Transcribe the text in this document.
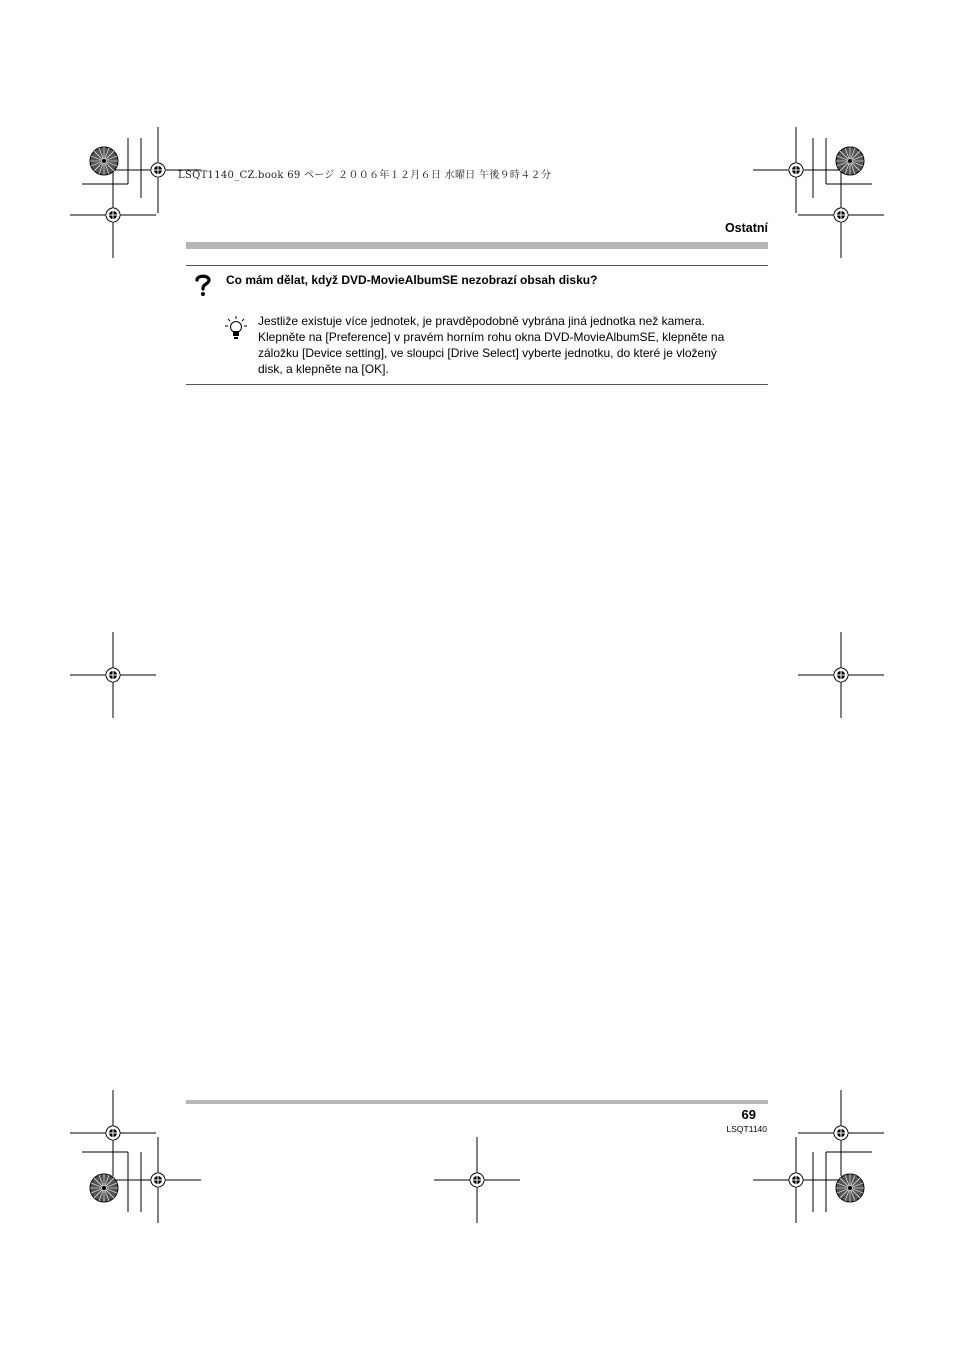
LSQT1140_CZ.book 69 ページ ２００６年１２月６日 水曜日 午後９時４２分
Ostatní
Co mám dělat, když DVD-MovieAlbumSE nezobrazí obsah disku?
Jestliže existuje více jednotek, je pravděpodobně vybrána jiná jednotka než kamera.
Klepněte na [Preference] v pravém horním rohu okna DVD-MovieAlbumSE, klepněte na
záložku [Device setting], ve sloupci [Drive Select] vyberte jednotku, do které je vložený
disk, a klepněte na [OK].
69
LSQT1140
